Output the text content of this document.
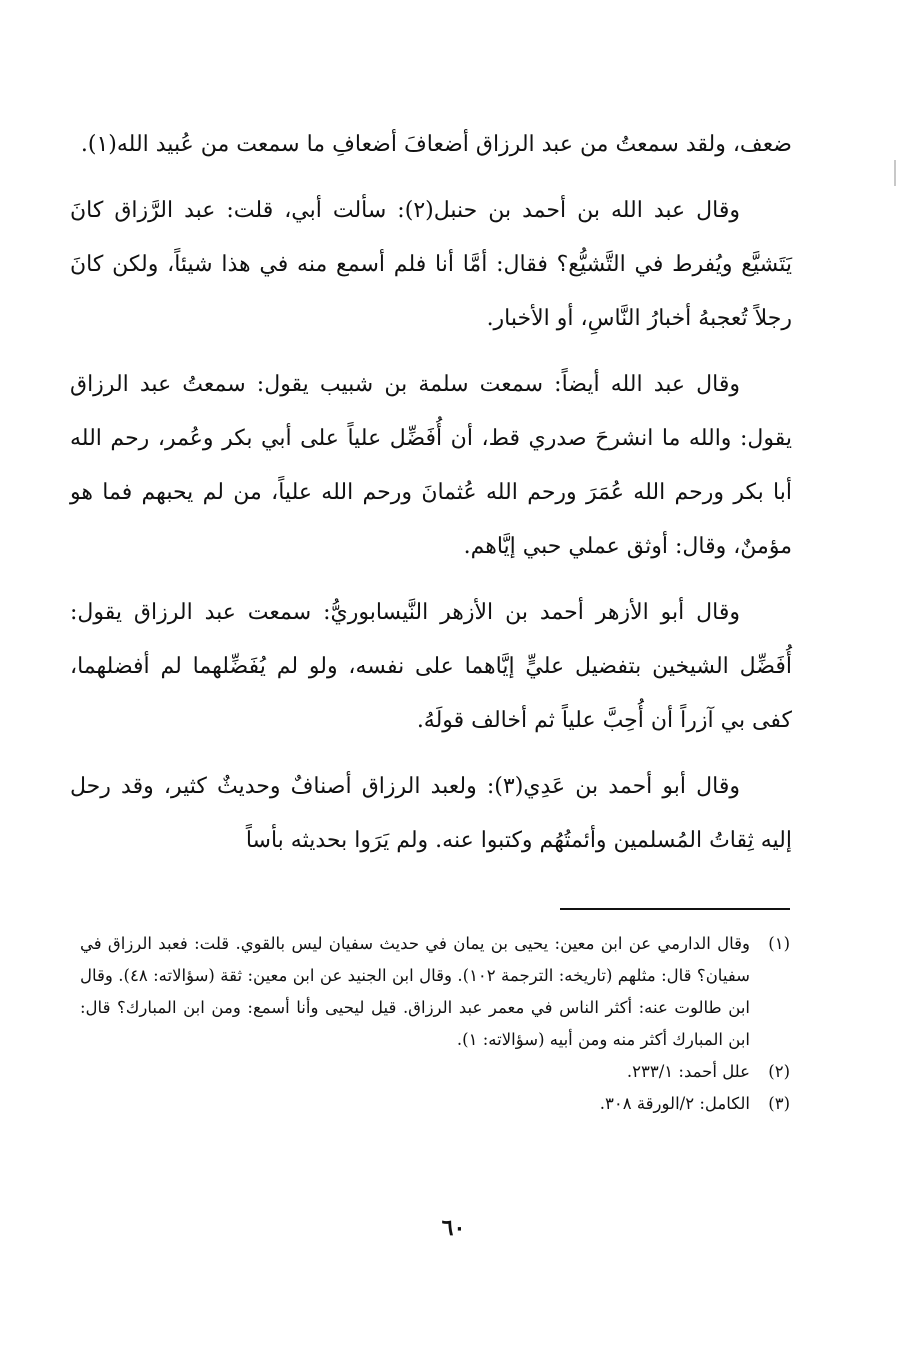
ضعف، ولقد سمعتُ من عبد الرزاق أضعافَ أضعافِ ما سمعت من عُبيد الله(١).

وقال عبد الله بن أحمد بن حنبل(٢): سألت أبي، قلت: عبد الرَّزاق كانَ يَتَشيَّع ويُفرط في التَّشيُّع؟ فقال: أمَّا أنا فلم أسمع منه في هذا شيئاً، ولكن كانَ رجلاً تُعجبهُ أخبارُ النَّاسِ، أو الأخبار.

وقال عبد الله أيضاً: سمعت سلمة بن شبيب يقول: سمعتُ عبد الرزاق يقول: والله ما انشرحَ صدري قط، أن أُفَضِّل علياً على أبي بكر وعُمر، رحم الله أبا بكر ورحم الله عُمَرَ ورحم الله عُثمانَ ورحم الله علياً، من لم يحبهم فما هو مؤمنٌ، وقال: أوثق عملي حبي إيَّاهم.

وقال أبو الأزهر أحمد بن الأزهر النَّيسابوريُّ: سمعت عبد الرزاق يقول: أُفَضِّل الشيخين بتفضيل عليٍّ إيَّاهما على نفسه، ولو لم يُفَضِّلهما لم أفضلهما، كفى بي آزراً أن أُحِبَّ علياً ثم أخالف قولَهُ.

وقال أبو أحمد بن عَدِي(٣): ولعبد الرزاق أصنافٌ وحديثٌ كثير، وقد رحل إليه ثِقاتُ المُسلمين وأئمتُهُم وكتبوا عنه. ولم يَرَوا بحديثه بأساً

(١)
وقال الدارمي عن ابن معين: يحيى بن يمان في حديث سفيان ليس بالقوي. قلت: فعبد الرزاق في سفيان؟ قال: مثلهم (تاريخه: الترجمة ١٠٢). وقال ابن الجنيد عن ابن معين: ثقة (سؤالاته: ٤٨). وقال ابن طالوت عنه: أكثر الناس في معمر عبد الرزاق. قيل ليحيى وأنا أسمع: ومن ابن المبارك؟ قال: ابن المبارك أكثر منه ومن أبيه (سؤالاته: ١).
(٢)
علل أحمد: ٢٣٣/١.
(٣)
الكامل: ٢/الورقة ٣٠٨.
٦٠
